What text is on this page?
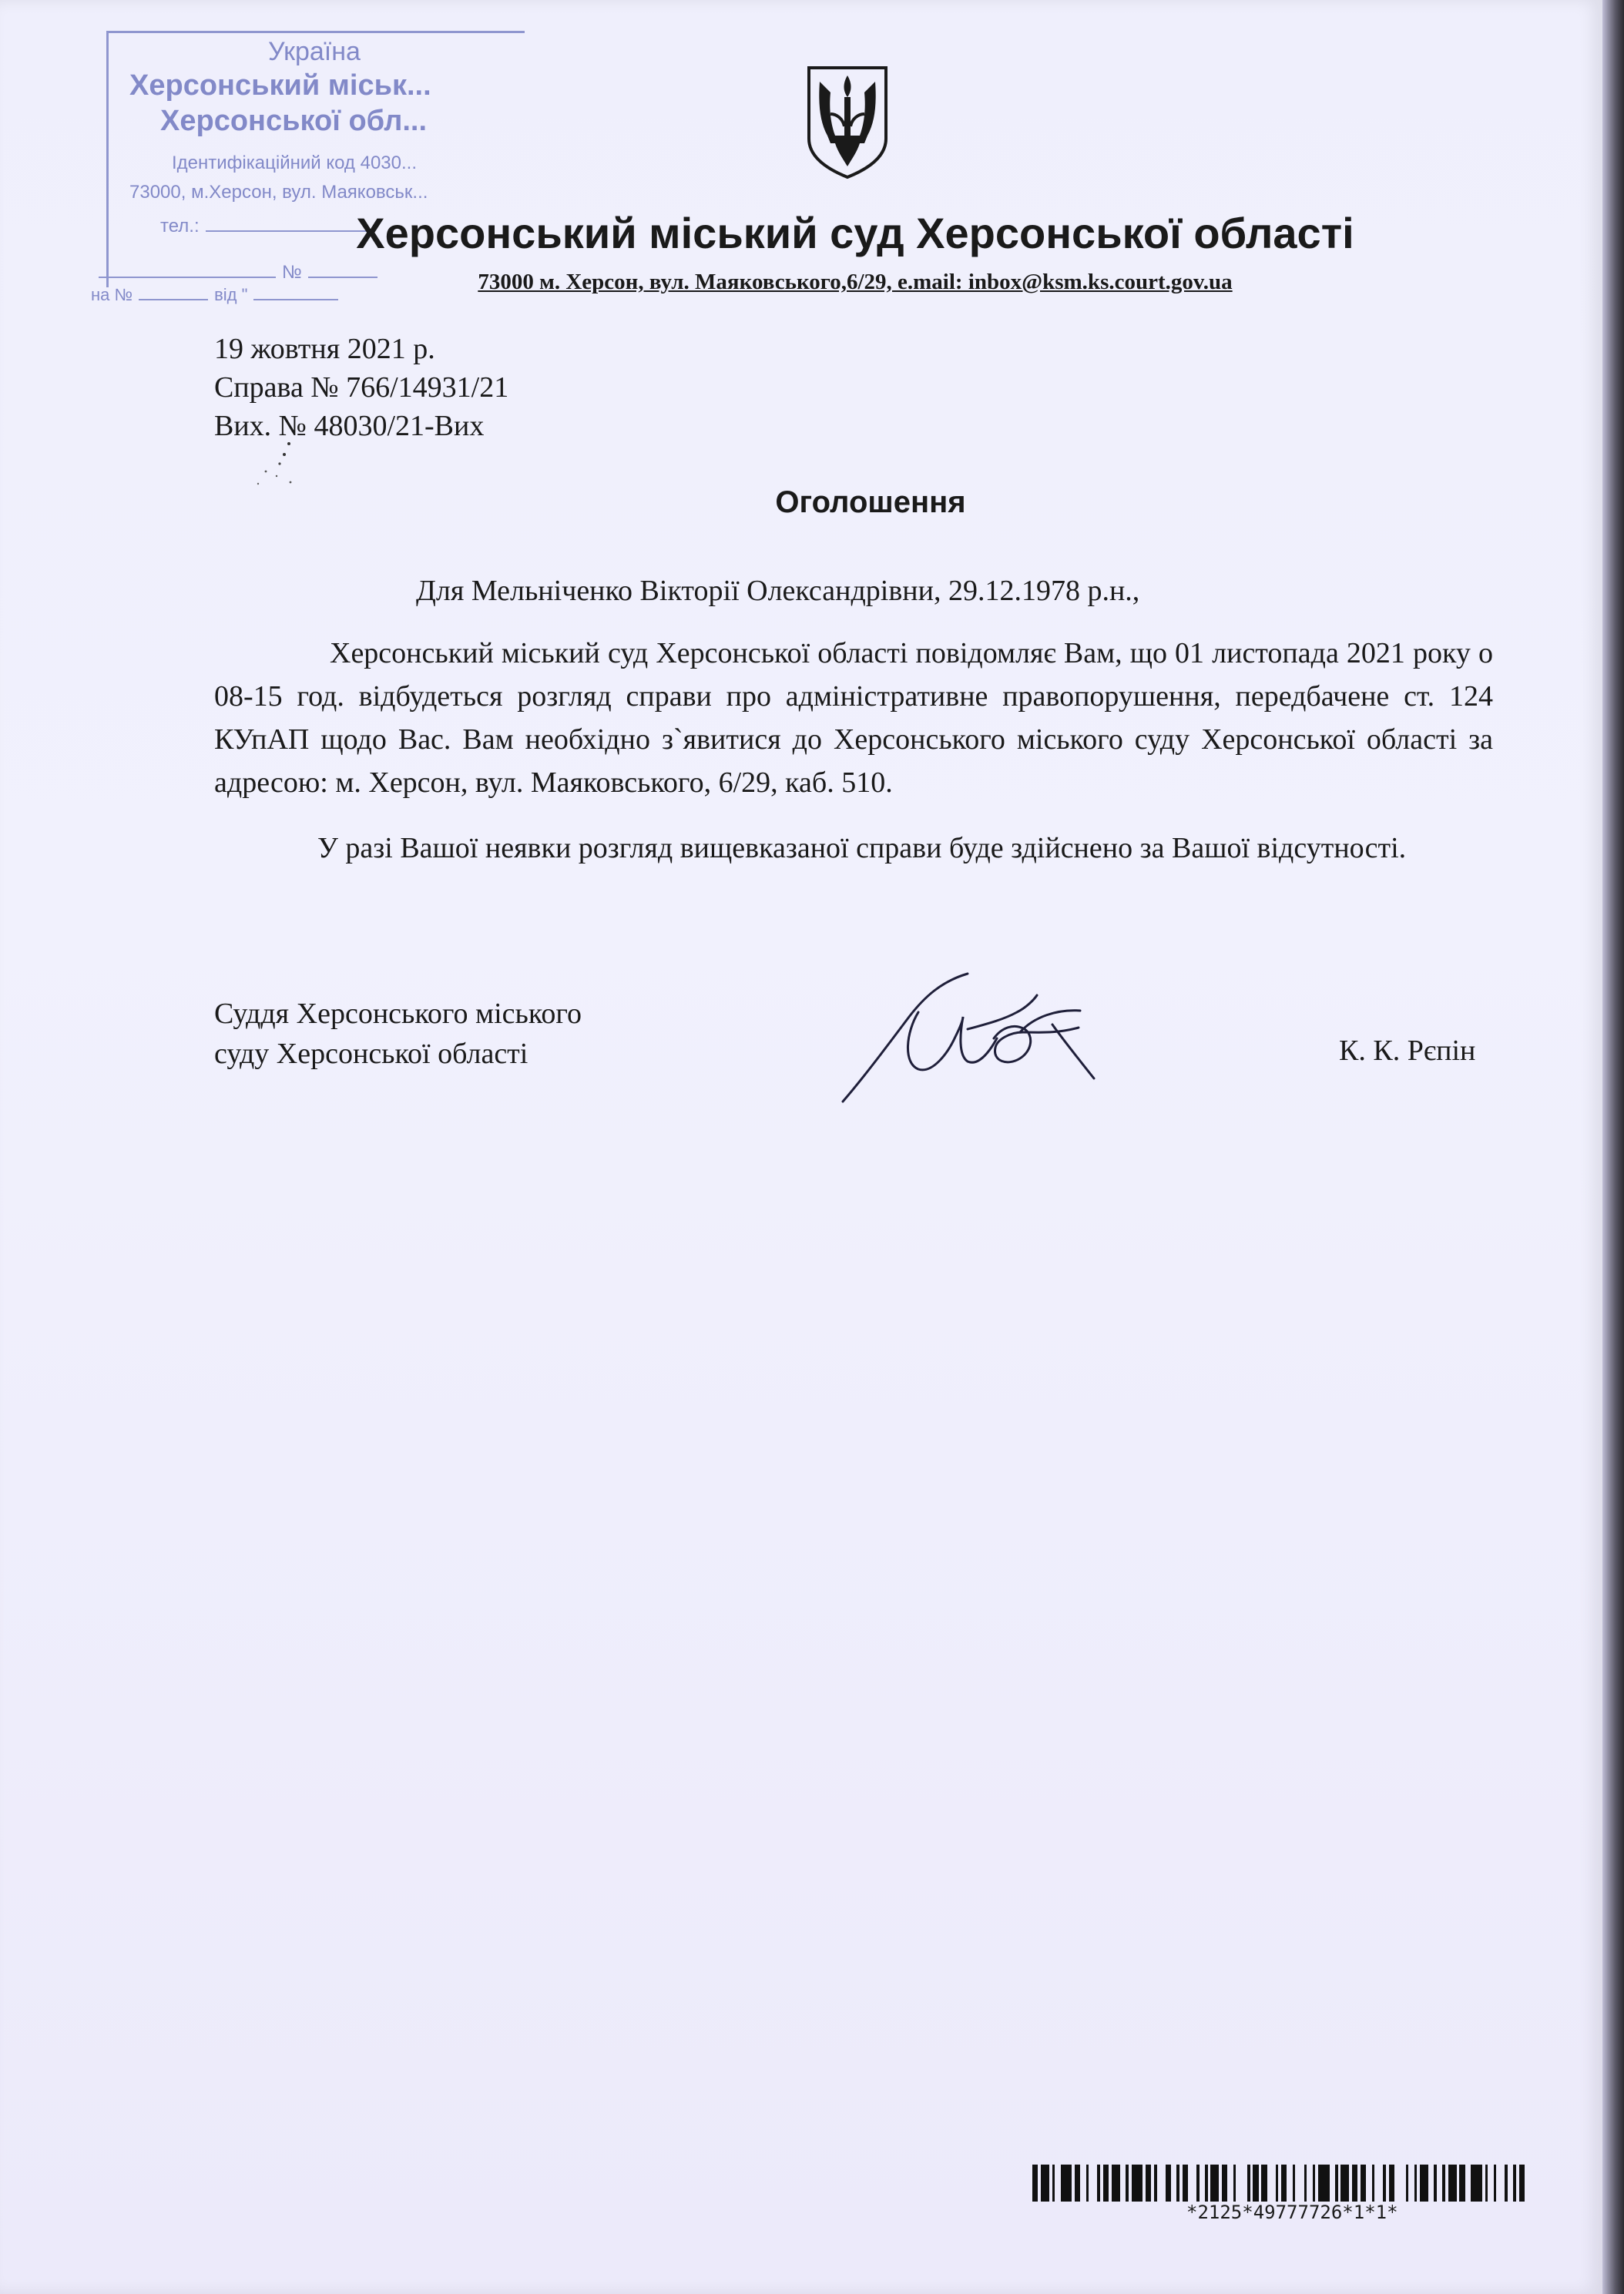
Україна
Херсонський міськ...
Херсонської обл...
Ідентифікаційний код 4030...
73000, м.Херсон, вул. Маяковськ...
тел.:
№
на №	від "
Херсонський міський суд Херсонської області
73000 м. Херсон, вул. Маяковського,6/29, e.mail: inbox@ksm.ks.court.gov.ua
19 жовтня 2021 р.
Справа № 766/14931/21
Вих. № 48030/21-Вих
Оголошення
Для Мельніченко Вікторії Олександрівни, 29.12.1978 р.н.,
Херсонський міський суд Херсонської області повідомляє Вам, що 01 листопада 2021 року о 08-15 год. відбудеться розгляд справи про адміністративне правопорушення, передбачене ст. 124 КУпАП щодо Вас. Вам необхідно з`явитися до Херсонського міського суду Херсонської області за адресою: м. Херсон, вул. Маяковського, 6/29, каб. 510.
У разі Вашої неявки розгляд вищевказаної справи буде здійснено за Вашої відсутності.
Суддя Херсонського міського
суду Херсонської області	К. К. Рєпін
*2125*49777726*1*1*
